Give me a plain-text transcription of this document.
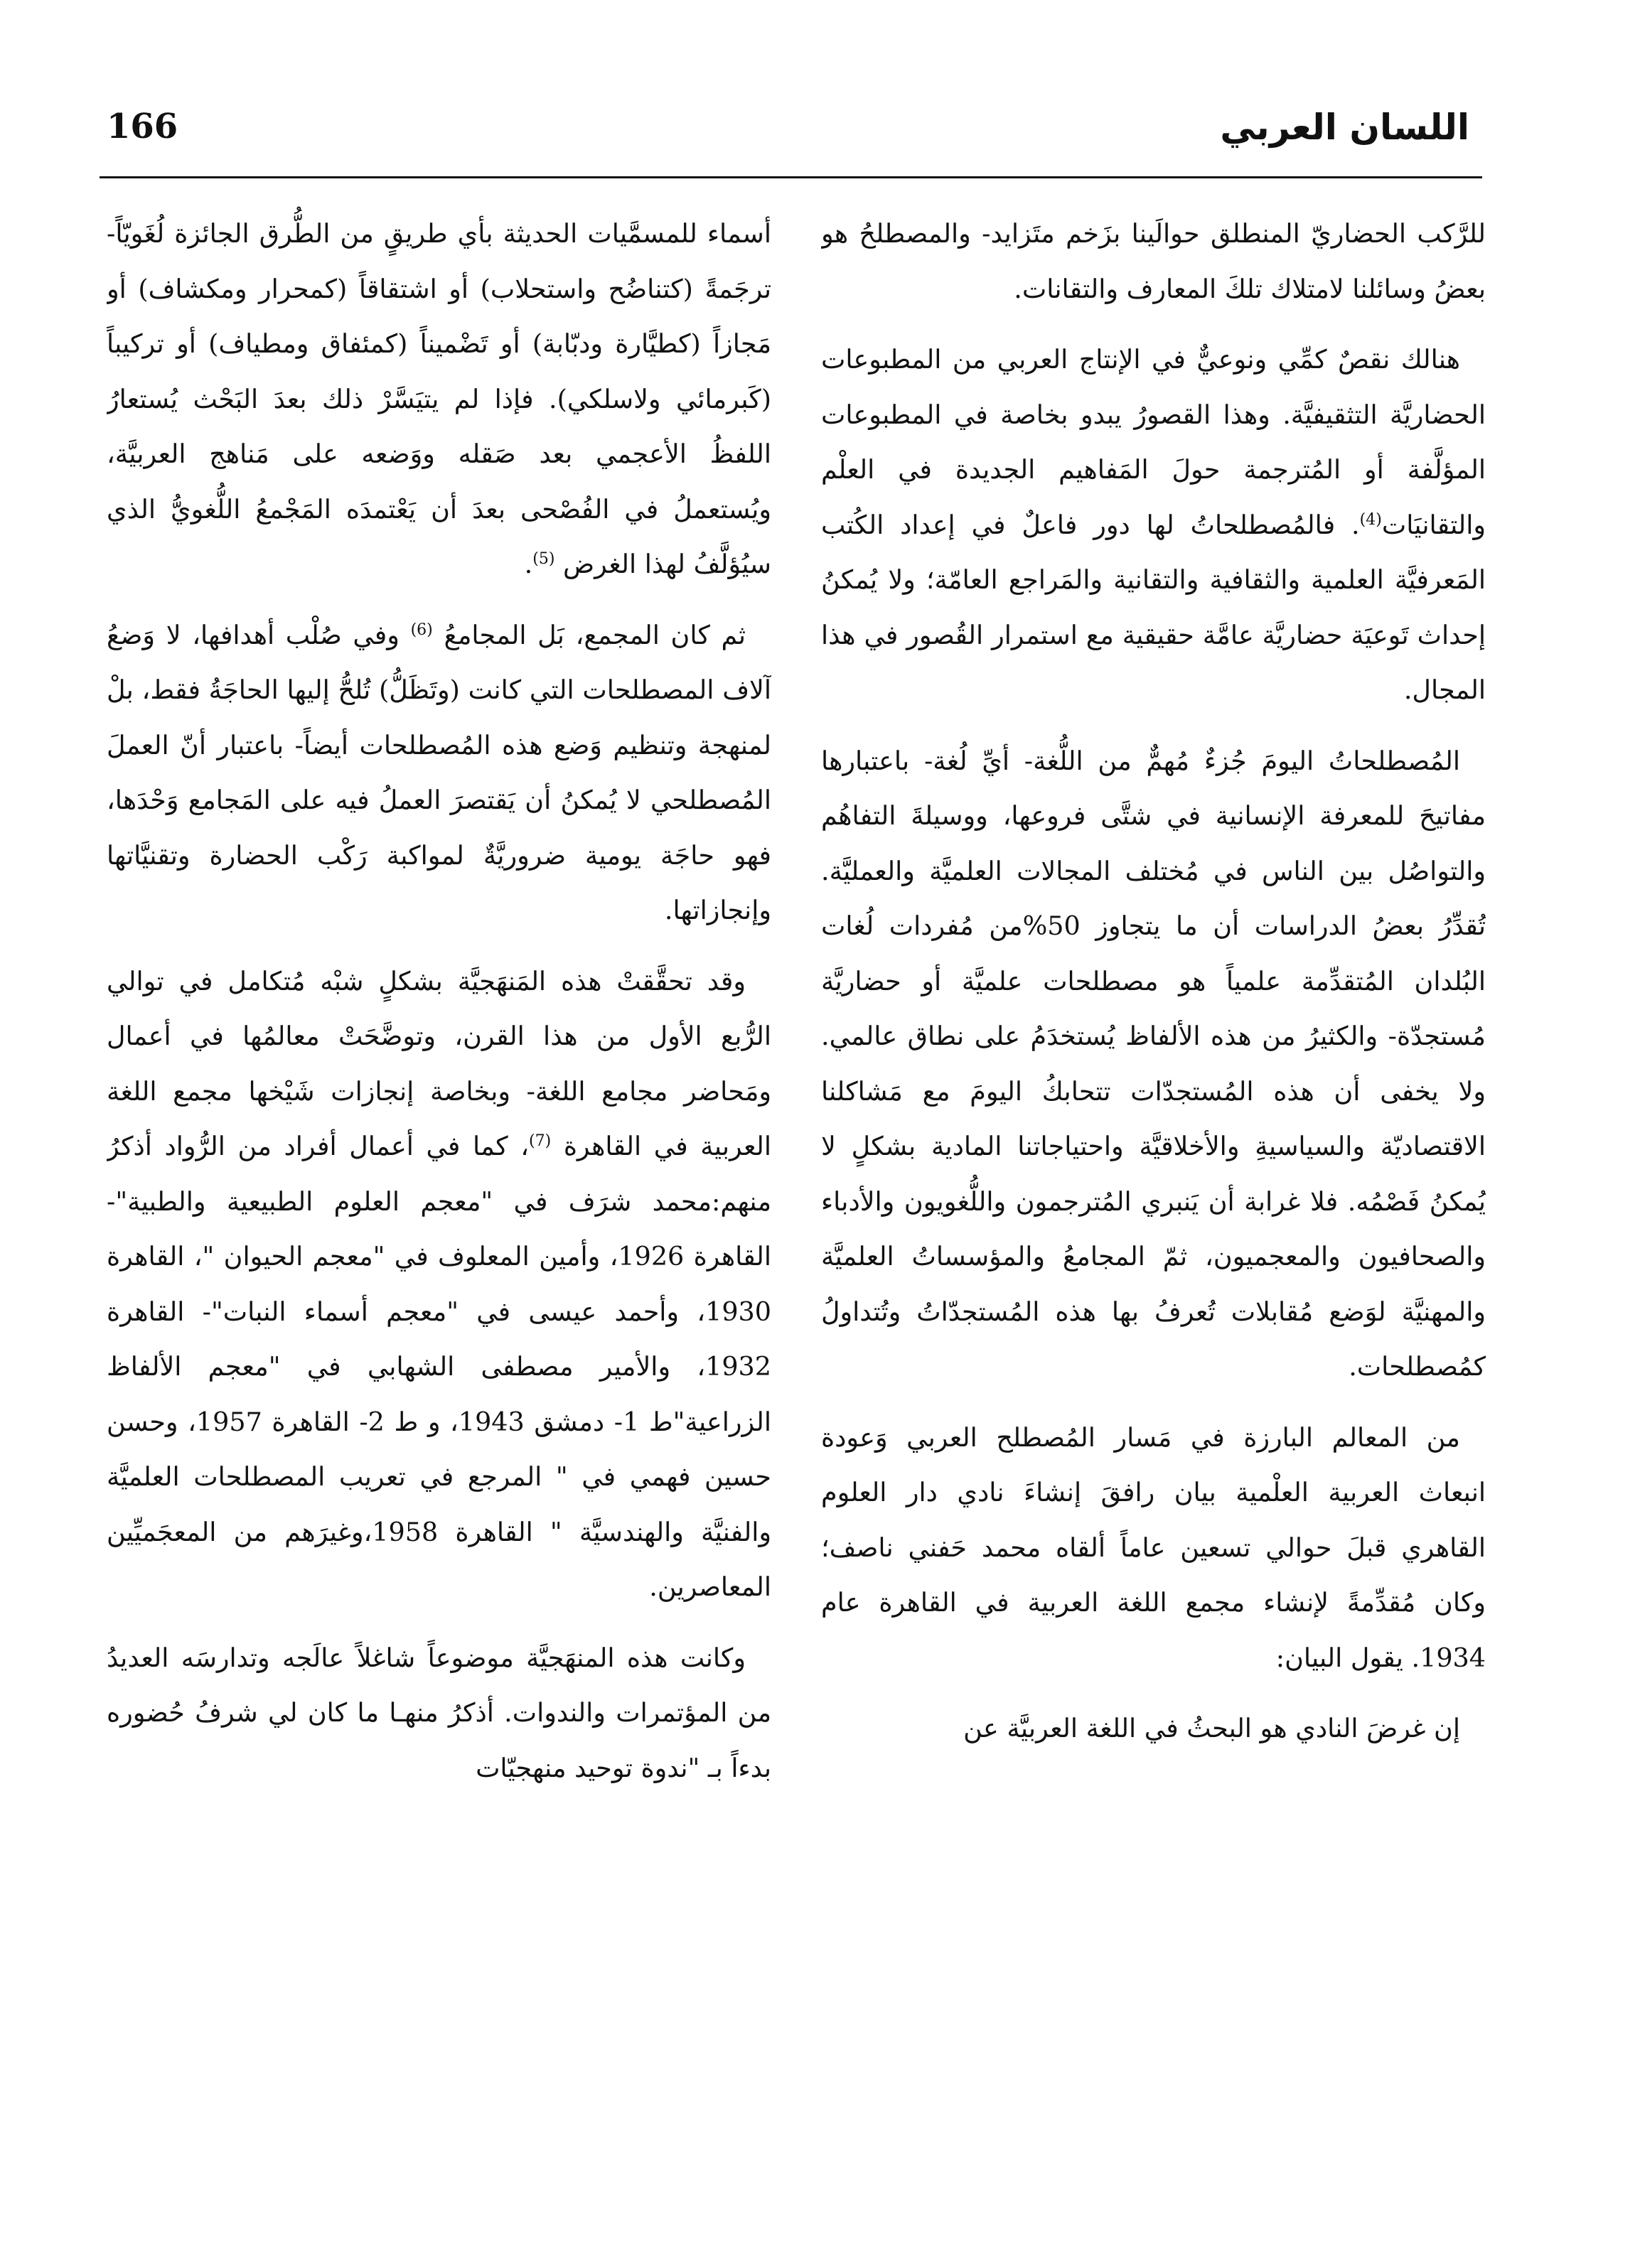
166	اللسان العربي

للرَّكب الحضاريّ المنطلق حوالَينا بزَخم متَزايد- والمصطلحُ هو بعضُ وسائلنا لامتلاك تلكَ المعارف والتقانات.

هنالك نقصٌ كمِّي ونوعيٌّ في الإنتاج العربي من المطبوعات الحضاريَّة التثقيفيَّة. وهذا القصورُ يبدو بخاصة في المطبوعات المؤلَّفة أو المُترجمة حولَ المَفاهيم الجديدة في العلْم والتقانيَات$^{(4)}$. فالمُصطلحاتُ لها دور فاعلٌ في إعداد الكُتب المَعرفيَّة العلمية والثقافية والتقانية والمَراجع العامّة؛ ولا يُمكنُ إحداث تَوعيَة حضاريَّة عامَّة حقيقية مع استمرار القُصور في هذا المجال.

المُصطلحاتُ اليومَ جُزءٌ مُهمٌّ من اللُّغة- أيِّ لُغة- باعتبارها مفاتيحَ للمعرفة الإنسانية في شتَّى فروعها، ووسيلةَ التفاهُم والتواصُل بين الناس في مُختلف المجالات العلميَّة والعمليَّة. تُقدِّرُ بعضُ الدراسات أن ما يتجاوز 50%من مُفردات لُغات البُلدان المُتقدِّمة علمياً هو مصطلحات علميَّة أو حضاريَّة مُستجدّة- والكثيرُ من هذه الألفاظ يُستخدَمُ على نطاق عالمي. ولا يخفى أن هذه المُستجدّات تتحابكُ اليومَ مع مَشاكلنا الاقتصاديّة والسياسيةِ والأخلاقيَّة واحتياجاتنا المادية بشكلٍ لا يُمكنُ فَصْمُه. فلا غرابة أن يَنبري المُترجمون واللُّغويون والأدباء والصحافيون والمعجميون، ثمّ المجامعُ والمؤسساتُ العلميَّة والمهنيَّة لوَضع مُقابلات تُعرفُ بها هذه المُستجدّاتُ وتُتداولُ كمُصطلحات.

من المعالم البارزة في مَسار المُصطلح العربي وَعودة انبعاث العربية العلْمية بيان رافقَ إنشاءَ نادي دار العلوم القاهري قبلَ حوالي تسعين عاماً ألقاه محمد حَفني ناصف؛ وكان مُقدِّمةً لإنشاء مجمع اللغة العربية في القاهرة عام 1934. يقول البيان:

إن غرضَ النادي هو البحثُ في اللغة العربيَّة عن

أسماء للمسمَّيات الحديثة بأي طريقٍ من الطُّرق الجائزة لُغَويّاً- ترجَمةً (كتناضُح واستحلاب) أو اشتقاقاً (كمحرار ومكشاف) أو مَجازاً (كطيَّارة ودبّابة) أو تَضْميناً (كمئفاق ومطياف) أو تركيباً (كَبرمائي ولاسلكي). فإذا لم يتيَسَّرْ ذلك بعدَ البَحْث يُستعارُ اللفظُ الأعجمي بعد صَقله ووَضعه على مَناهج العربيَّة، ويُستعملُ في الفُصْحى بعدَ أن يَعْتمدَه المَجْمعُ اللُّغويُّ الذي سيُؤلَّفُ لهذا الغرض $^{(5)}$.

ثم كان المجمع، بَل المجامعُ $^{(6)}$ وفي صُلْب أهدافها، لا وَضعُ آلاف المصطلحات التي كانت (وتَظَلُّ) تُلحُّ إليها الحاجَةُ فقط، بلْ لمنهجة وتنظيم وَضع هذه المُصطلحات أيضاً- باعتبار أنّ العملَ المُصطلحي لا يُمكنُ أن يَقتصرَ العملُ فيه على المَجامع وَحْدَها، فهو حاجَة يومية ضروريَّةٌ لمواكبة رَكْب الحضارة وتقنيَّاتها وإنجازاتها.

وقد تحقَّقتْ هذه المَنهَجيَّة بشكلٍ شبْه مُتكامل في توالي الرُّبع الأول من هذا القرن، وتوضَّحَتْ معالمُها في أعمال ومَحاضر مجامع اللغة- وبخاصة إنجازات شَيْخها مجمع اللغة العربية في القاهرة $^{(7)}$، كما في أعمال أفراد من الرُّواد أذكرُ منهم:محمد شرَف في "معجم العلوم الطبيعية والطبية"- القاهرة 1926، وأمين المعلوف في "معجم الحيوان "، القاهرة 1930، وأحمد عيسى في "معجم أسماء النبات"- القاهرة 1932، والأمير مصطفى الشهابي في "معجم الألفاظ الزراعية"ط 1- دمشق 1943، و ط 2- القاهرة 1957، وحسن حسين فهمي في " المرجع في تعريب المصطلحات العلميَّة والفنيَّة والهندسيَّة " القاهرة 1958،وغيرَهم من المعجَميِّين المعاصرين.

وكانت هذه المنهَجيَّة موضوعاً شاغلاً عالَجه وتدارسَه العديدُ من المؤتمرات والندوات. أذكرُ منهـا ما كان لي شرفُ حُضوره بدءاً بـ "ندوة توحيد منهجيّات
